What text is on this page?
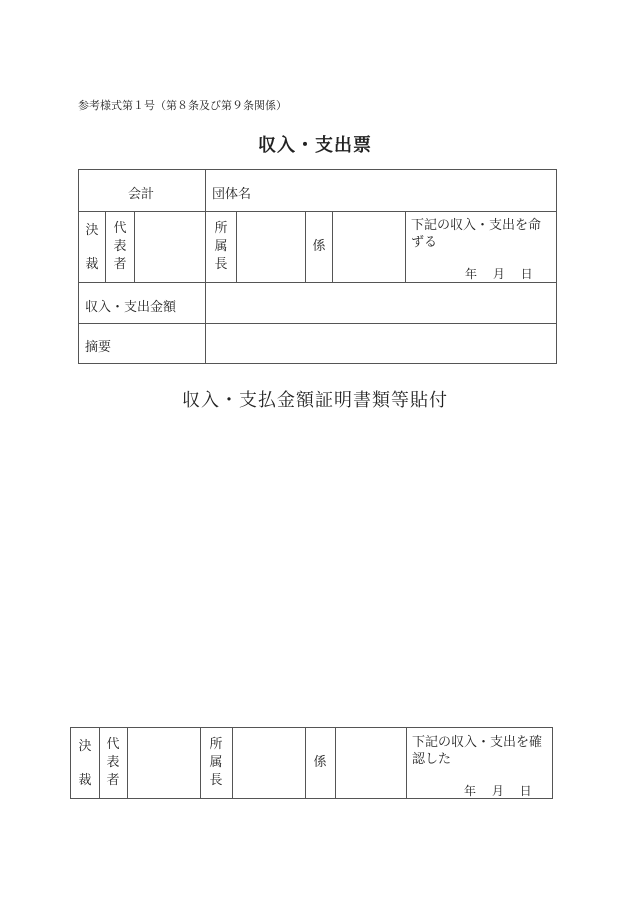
参考様式第１号（第８条及び第９条関係）
収入・支出票
会計	団体名
決
裁
代
表
者
所
属
長
係
下記の収入・支出を命
ずる
年　 月　 日
収入・支出金額
摘要
収入・支払金額証明書類等貼付
決
裁
代
表
者
所
属
長
係
下記の収入・支出を確
認した
年　 月　 日
